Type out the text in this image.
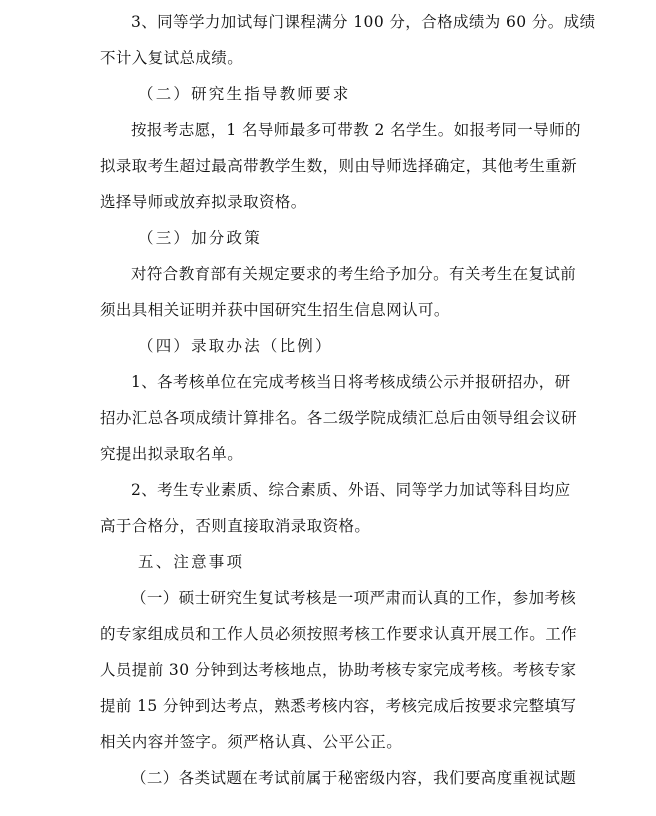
3、同等学力加试每门课程满分 100 分，合格成绩为 60 分。成绩
不计入复试总成绩。
（二）研究生指导教师要求
按报考志愿，1 名导师最多可带教 2 名学生。如报考同一导师的
拟录取考生超过最高带教学生数，则由导师选择确定，其他考生重新
选择导师或放弃拟录取资格。
（三）加分政策
对符合教育部有关规定要求的考生给予加分。有关考生在复试前
须出具相关证明并获中国研究生招生信息网认可。
（四）录取办法（比例）
1、各考核单位在完成考核当日将考核成绩公示并报研招办，研
招办汇总各项成绩计算排名。各二级学院成绩汇总后由领导组会议研
究提出拟录取名单。
2、考生专业素质、综合素质、外语、同等学力加试等科目均应
高于合格分，否则直接取消录取资格。
五、注意事项
（一）硕士研究生复试考核是一项严肃而认真的工作，参加考核
的专家组成员和工作人员必须按照考核工作要求认真开展工作。工作
人员提前 30 分钟到达考核地点，协助考核专家完成考核。考核专家
提前 15 分钟到达考点，熟悉考核内容，考核完成后按要求完整填写
相关内容并签字。须严格认真、公平公正。
（二）各类试题在考试前属于秘密级内容，我们要高度重视试题
